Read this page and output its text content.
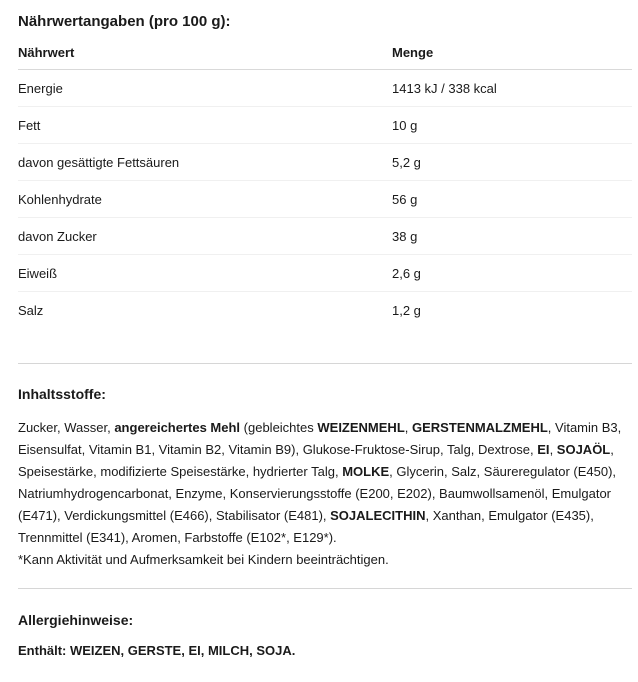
Nährwertangaben (pro 100 g):
Nährwert	Menge
Energie	1413 kJ / 338 kcal
Fett	10 g
davon gesättigte Fettsäuren	5,2 g
Kohlenhydrate	56 g
davon Zucker	38 g
Eiweiß	2,6 g
Salz	1,2 g
Inhaltsstoffe:

Zucker, Wasser, angereichertes Mehl (gebleichtes WEIZENMEHL, GERSTENMALZMEHL, Vitamin B3, Eisensulfat, Vitamin B1, Vitamin B2, Vitamin B9), Glukose-Fruktose-Sirup, Talg, Dextrose, EI, SOJAÖL, Speisestärke, modifizierte Speisestärke, hydrierter Talg, MOLKE, Glycerin, Salz, Säureregulator (E450), Natriumhydrogencarbonat, Enzyme, Konservierungsstoffe (E200, E202), Baumwollsamenöl, Emulgator (E471), Verdickungsmittel (E466), Stabilisator (E481), SOJALECITHIN, Xanthan, Emulgator (E435), Trennmittel (E341), Aromen, Farbstoffe (E102*, E129*).

*Kann Aktivität und Aufmerksamkeit bei Kindern beeinträchtigen.

Allergiehinweise:

Enthält: WEIZEN, GERSTE, EI, MILCH, SOJA.
